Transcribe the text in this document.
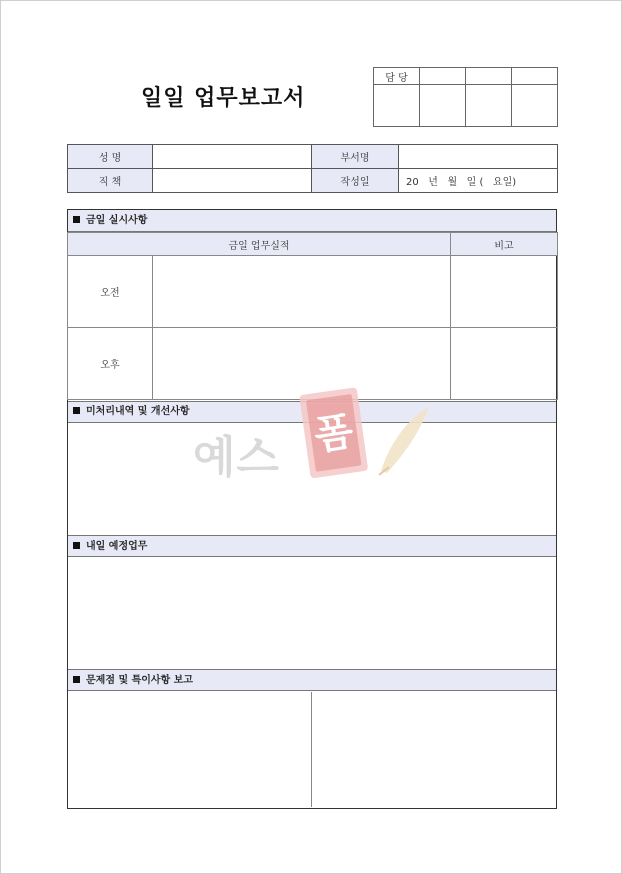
일일 업무보고서
담 당			

성 명		부서명	
직 책		작성일	20   년   월   일 (   요일)
금일 실시사항
금일 업무실적		비고
오전		
오후		
미처리내역 및 개선사항
내일 예정업무
문제점 및 특이사항 보고
예스 폼
